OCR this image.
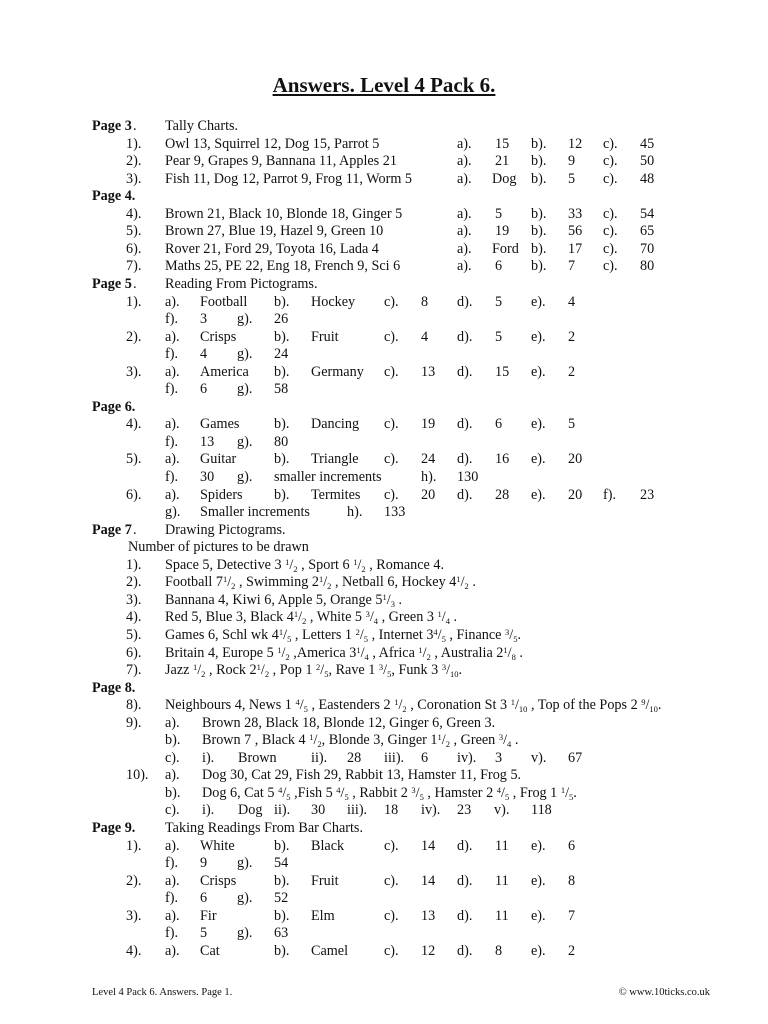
Answers. Level 4 Pack 6.
Page 3 . Tally Charts.
1). Owl 13, Squirrel 12, Dog 15, Parrot 5	a). 15 b). 12 c). 45
2). Pear 9, Grapes 9, Bannana 11, Apples 21	a). 21 b). 9 c). 50
3). Fish 11, Dog 12, Parrot 9, Frog 11, Worm 5	a). Dog b). 5 c). 48
Page 4.
4). Brown 21, Black 10, Blonde 18, Ginger 5	a). 5 b). 33 c). 54
5). Brown 27, Blue 19, Hazel 9, Green 10	a). 19 b). 56 c). 65
6). Rover 21, Ford 29, Toyota 16, Lada 4	a). Ford b). 17 c). 70
7). Maths 25, PE 22, Eng 18, French 9, Sci 6	a). 6 b). 7 c). 80
Page 5 . Reading From Pictograms.
1). a). Football b). Hockey c). 8 d). 5 e). 4
f). 3 g). 26
2). a). Crisps	b). Fruit	c). 4 d). 5 e). 2
f). 4 g). 24
3). a). America b). Germany c). 13 d). 15 e). 2
f). 6 g). 58
Page 6.
4). a). Games b). Dancing c). 19 d). 6 e). 5
f). 13 g). 80
5). a). Guitar	b). Triangle c). 24 d). 16 e). 20
f). 30 g). smaller increments	h). 130
6). a). Spiders b). Termites c). 20 d). 28 e). 20 f). 23
g). Smaller increments	h). 133
Page 7 . Drawing Pictograms.
Number of pictures to be drawn
1). Space 5, Detective 3 $^1/_2$ , Sport 6 $^1/_2$ , Romance 4.
2). Football $7^1/_2$ , Swimming $2^1/_2$ , Netball 6, Hockey $4^1/_2$ .
3). Bannana 4, Kiwi 6, Apple 5, Orange $5^1/_3$ .
4). Red 5, Blue 3, Black $4^1/_2$ , White 5 $^3/_4$ , Green 3 $^1/_4$ .
5). Games 6, Schl wk $4^1/_5$ , Letters 1 $^2/_5$ , Internet $3^4/_5$ , Finance $^3/_5$.
6). Britain 4, Europe 5 $^1/_2$ ,America $3^1/_4$ , Africa $^1/_2$ , Australia $2^1/_8$ .
7). Jazz $^1/_2$ , Rock $2^1/_2$ , Pop 1 $^2/_5$, Rave 1 $^3/_5$, Funk 3 $^3/_{10}$.
Page 8.
8). Neighbours 4, News 1 $^4/_5$ , Eastenders 2 $^1/_2$ , Coronation St 3 $^1/_{10}$ , Top of the Pops 2 $^9/_{10}$.
9). a). Brown 28, Black 18, Blonde 12, Ginger 6, Green 3.
b). Brown 7 , Black 4 $^1/_2$, Blonde 3, Ginger $1^1/_2$ , Green $^3/_4$ .
c). i). Brown ii). 28 iii). 6 iv). 3 v). 67
10). a). Dog 30, Cat 29, Fish 29, Rabbit 13, Hamster 11, Frog 5.
b). Dog 6, Cat 5 $^4/_5$ ,Fish 5 $^4/_5$ , Rabbit 2 $^3/_5$ , Hamster 2 $^4/_5$ , Frog 1 $^1/_5$.
c). i). Dog ii). 30 iii). 18 iv). 23 v). 118
Page 9. Taking Readings From Bar Charts.
1). a). White	b). Black	c). 14 d). 11 e). 6
f). 9 g). 54
2). a). Crisps	b). Fruit	c). 14 d). 11 e). 8
f). 6 g). 52
3). a). Fir	b). Elm	c). 13 d). 11 e). 7
f). 5 g). 63
4). a). Cat	b). Camel	c). 12 d). 8 e). 2
Level 4 Pack 6. Answers. Page 1.	© www.10ticks.co.uk
